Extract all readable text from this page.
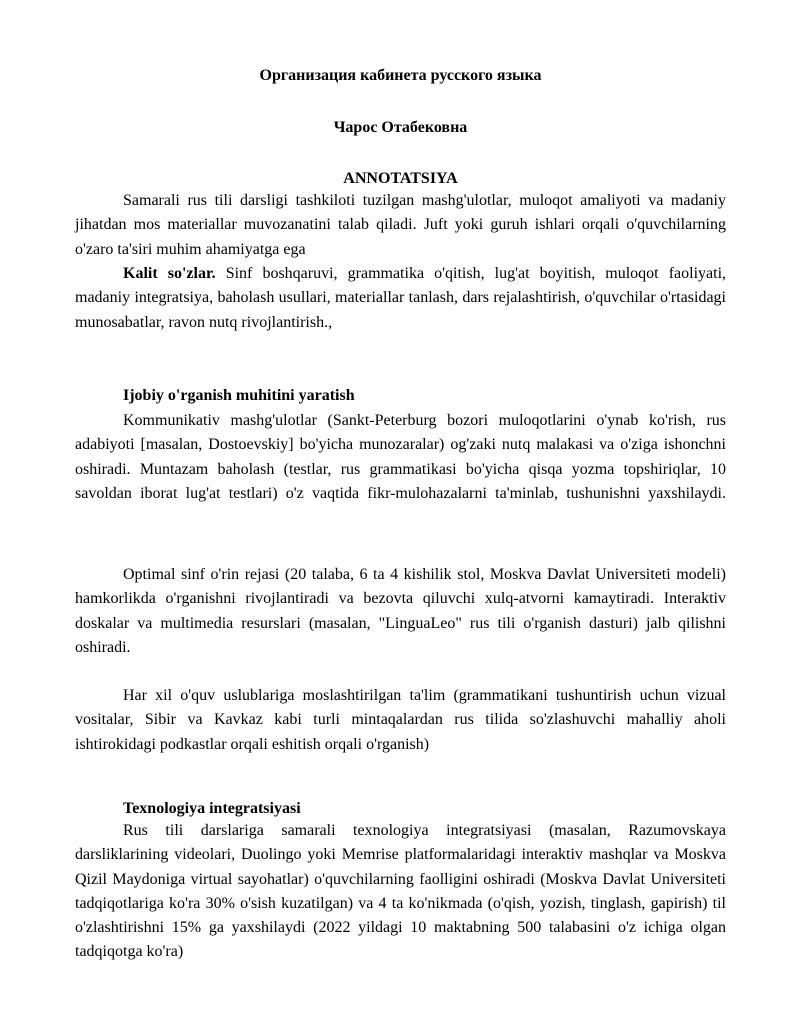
Организация кабинета русского языка
Чарос Отабековна
ANNOTATSIYA

Samarali rus tili darsligi tashkiloti tuzilgan mashg'ulotlar, muloqot amaliyoti va madaniy jihatdan mos materiallar muvozanatini talab qiladi. Juft yoki guruh ishlari orqali o'quvchilarning o'zaro ta'siri muhim ahamiyatga ega

Kalit so'zlar. Sinf boshqaruvi, grammatika o'qitish, lug'at boyitish, muloqot faoliyati, madaniy integratsiya, baholash usullari, materiallar tanlash, dars rejalashtirish, o'quvchilar o'rtasidagi munosabatlar, ravon nutq rivojlantirish.,

Ijobiy o'rganish muhitini yaratish

Kommunikativ mashg'ulotlar (Sankt-Peterburg bozori muloqotlarini o'ynab ko'rish, rus adabiyoti [masalan, Dostoevskiy] bo'yicha munozaralar) og'zaki nutq malakasi va o'ziga ishonchni oshiradi. Muntazam baholash (testlar, rus grammatikasi bo'yicha qisqa yozma topshiriqlar, 10 savoldan iborat lug'at testlari) o'z vaqtida fikr-mulohazalarni ta'minlab, tushunishni yaxshilaydi.

Optimal sinf o'rin rejasi (20 talaba, 6 ta 4 kishilik stol, Moskva Davlat Universiteti modeli) hamkorlikda o'rganishni rivojlantiradi va bezovta qiluvchi xulq-atvorni kamaytiradi. Interaktiv doskalar va multimedia resurslari (masalan, "LinguaLeo" rus tili o'rganish dasturi) jalb qilishni oshiradi.

Har xil o'quv uslublariga moslashtirilgan ta'lim (grammatikani tushuntirish uchun vizual vositalar, Sibir va Kavkaz kabi turli mintaqalardan rus tilida so'zlashuvchi mahalliy aholi ishtirokidagi podkastlar orqali eshitish orqali o'rganish)

Texnologiya integratsiyasi

Rus tili darslariga samarali texnologiya integratsiyasi (masalan, Razumovskaya darsliklarining videolari, Duolingo yoki Memrise platformalaridagi interaktiv mashqlar va Moskva Qizil Maydoniga virtual sayohatlar) o'quvchilarning faolligini oshiradi (Moskva Davlat Universiteti tadqiqotlariga ko'ra 30% o'sish kuzatilgan) va 4 ta ko'nikmada (o'qish, yozish, tinglash, gapirish) til o'zlashtirishni 15% ga yaxshilaydi (2022 yildagi 10 maktabning 500 talabasini o'z ichiga olgan tadqiqotga ko'ra)
